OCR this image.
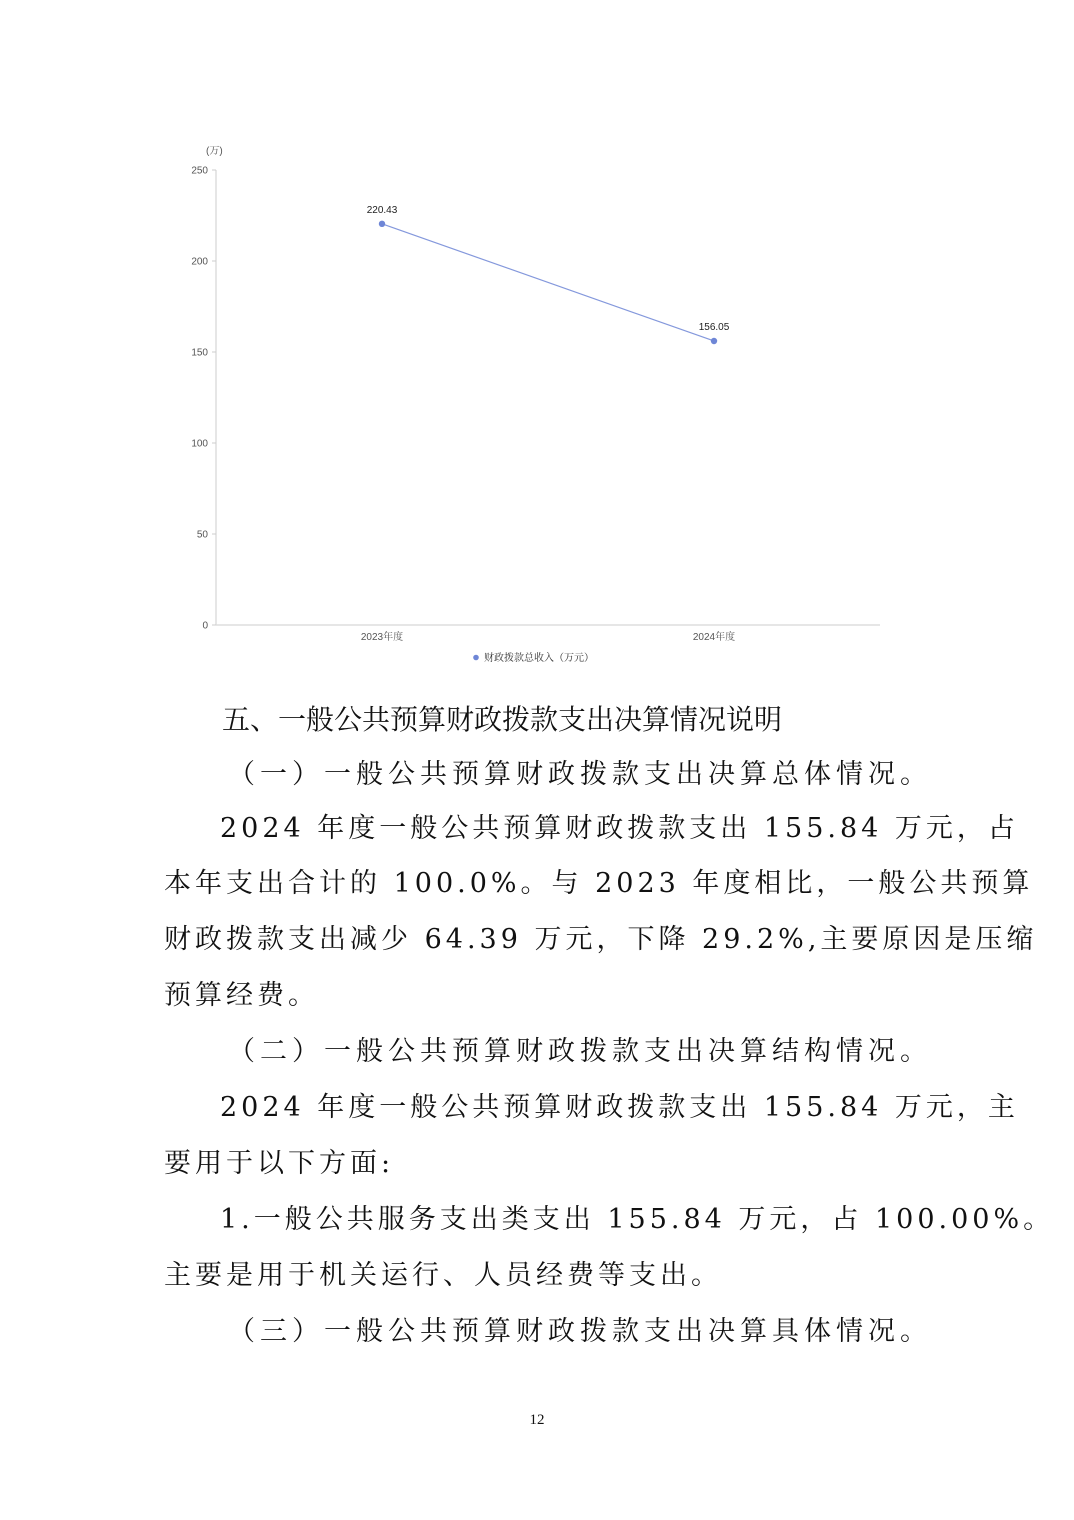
(万)
0
50
100
150
200
250
2023年度	2024年度
220.43
156.05
财政拨款总收入（万元）
五、一般公共预算财政拨款支出决算情况说明
（一）一般公共预算财政拨款支出决算总体情况。
2024 年度一般公共预算财政拨款支出 155.84 万元，占
本年支出合计的 100.0%。与 2023 年度相比，一般公共预算
财政拨款支出减少 64.39 万元，下降 29.2%,主要原因是压缩
预算经费。
（二）一般公共预算财政拨款支出决算结构情况。
2024 年度一般公共预算财政拨款支出 155.84 万元，主
要用于以下方面:
1.一般公共服务支出类支出 155.84 万元，占 100.00%。
主要是用于机关运行、人员经费等支出。
（三）一般公共预算财政拨款支出决算具体情况。
12
